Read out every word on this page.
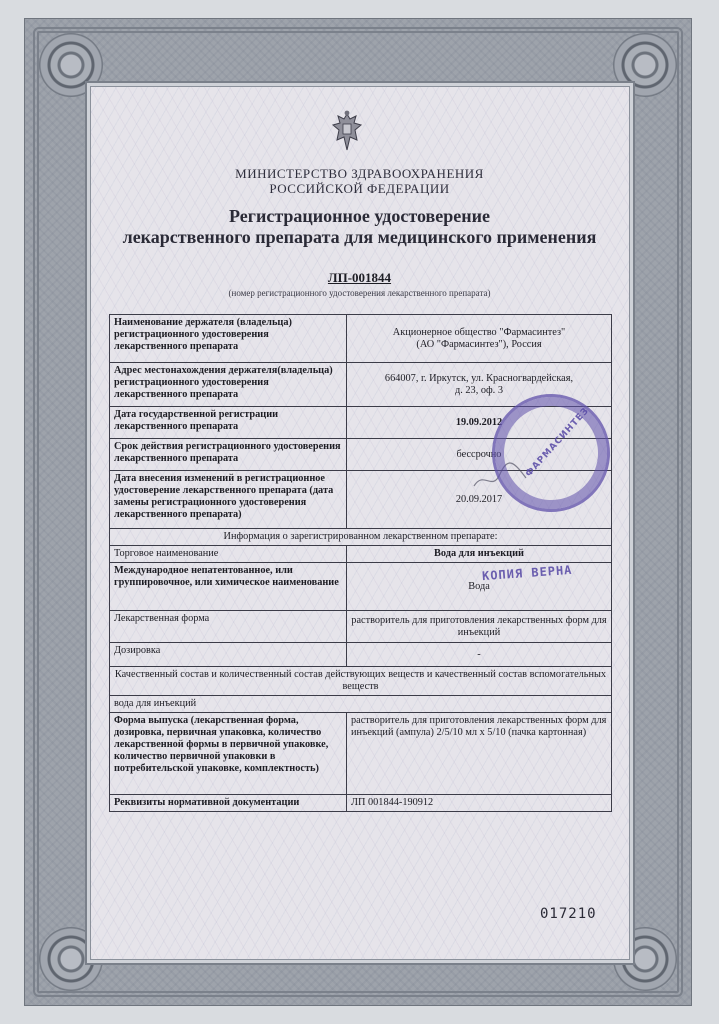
МИНИСТЕРСТВО ЗДРАВООХРАНЕНИЯ
РОССИЙСКОЙ ФЕДЕРАЦИИ
Регистрационное удостоверение
лекарственного препарата для медицинского применения
ЛП-001844
(номер регистрационного удостоверения лекарственного препарата)
Наименование держателя (владельца) регистрационного удостоверения лекарственного препарата	Акционерное общество "Фармасинтез"
(АО "Фармасинтез"), Россия

Адрес местонахождения держателя(владельца) регистрационного удостоверения лекарственного препарата	664007, г. Иркутск, ул. Красногвардейская,
д. 23, оф. 3

Дата государственной регистрации лекарственного препарата	19.09.2012
Срок действия регистрационного удостоверения лекарственного препарата	бессрочно
Дата внесения изменений в регистрационное удостоверение лекарственного препарата (дата замены регистрационного удостоверения лекарственного препарата)	20.09.2017
Информация о зарегистрированном лекарственном препарате:	
Торговое наименование	Вода для инъекций
Международное непатентованное, или группировочное, или химическое наименование	Вода
Лекарственная форма	растворитель для приготовления лекарственных форм для инъекций
Дозировка	-
Качественный состав и количественный состав действующих веществ и качественный состав вспомогательных веществ	
вода для инъекций	
Форма выпуска (лекарственная форма, дозировка, первичная упаковка, количество лекарственной формы в первичной упаковке, количество первичной упаковки в потребительской упаковке, комплектность)	растворитель для приготовления лекарственных форм для инъекций (ампула) 2/5/10 мл х 5/10 (пачка картонная)
Реквизиты нормативной документации	ЛП 001844-190912
ФАРМАСИНТЕЗ
КОПИЯ ВЕРНА
017210
